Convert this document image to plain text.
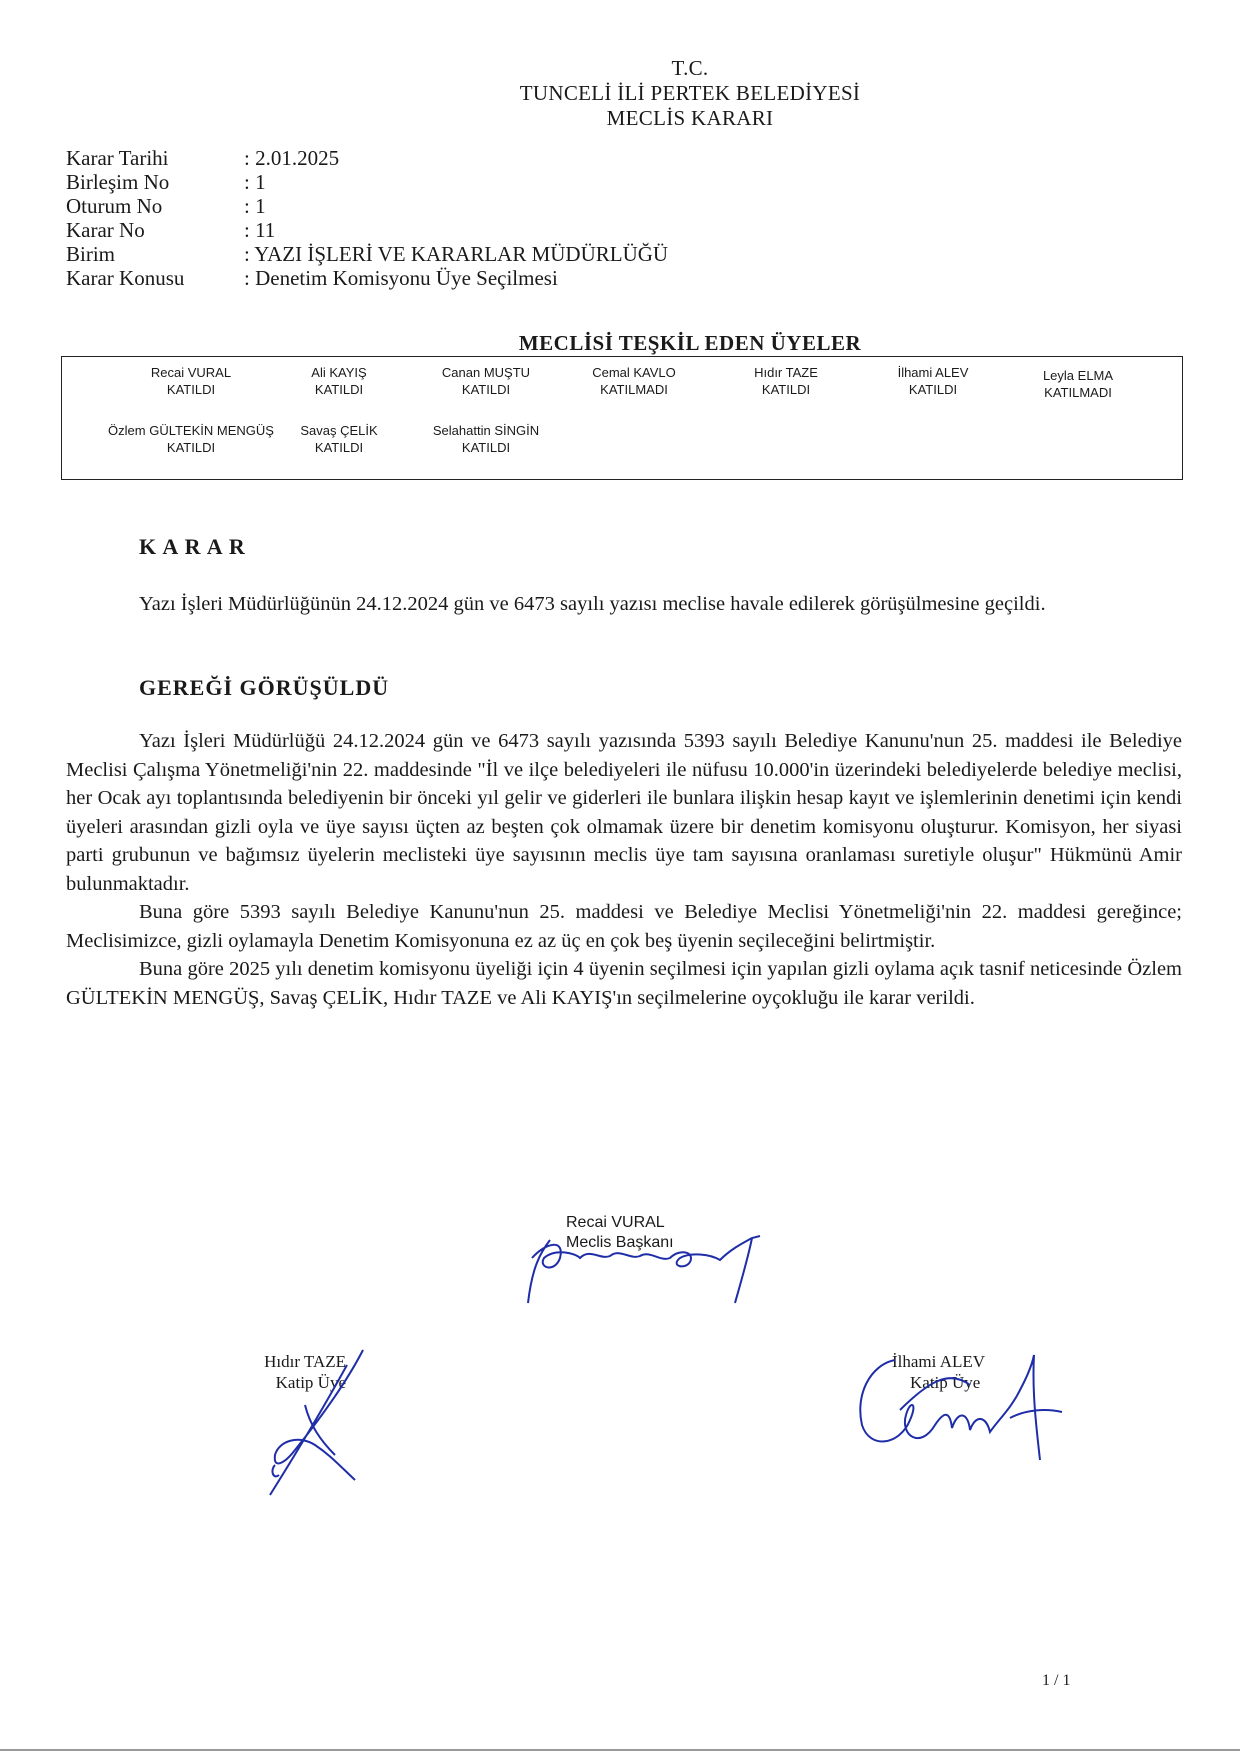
T.C.
TUNCELİ İLİ PERTEK BELEDİYESİ
MECLİS KARARI
Karar Tarihi	: 2.01.2025
Birleşim No	: 1
Oturum No	: 1
Karar No	: 11
Birim	: YAZI İŞLERİ VE KARARLAR MÜDÜRLÜĞÜ
Karar Konusu	: Denetim Komisyonu Üye Seçilmesi
MECLİSİ TEŞKİL EDEN ÜYELER
Recai VURAL
KATILDI
Ali KAYIŞ
KATILDI
Canan MUŞTU
KATILDI
Cemal KAVLO
KATILMADI
Hıdır TAZE
KATILDI
İlhami ALEV
KATILDI
Leyla ELMA
KATILMADI
Özlem GÜLTEKİN MENGÜŞ
KATILDI
Savaş ÇELİK
KATILDI
Selahattin SİNGİN
KATILDI
K A R A R

Yazı İşleri Müdürlüğünün 24.12.2024 gün ve 6473 sayılı yazısı meclise havale edilerek görüşülmesine geçildi.

GEREĞİ GÖRÜŞÜLDÜ

Yazı İşleri Müdürlüğü 24.12.2024 gün ve 6473 sayılı yazısında 5393 sayılı Belediye Kanunu'nun 25. maddesi ile Belediye Meclisi Çalışma Yönetmeliği'nin 22. maddesinde "İl ve ilçe belediyeleri ile nüfusu 10.000'in üzerindeki belediyelerde belediye meclisi, her Ocak ayı toplantısında belediyenin bir önceki yıl gelir ve giderleri ile bunlara ilişkin hesap kayıt ve işlemlerinin denetimi için kendi üyeleri arasından gizli oyla ve üye sayısı üçten az beşten çok olmamak üzere bir denetim komisyonu oluşturur. Komisyon, her siyasi parti grubunun ve bağımsız üyelerin meclisteki üye sayısının meclis üye tam sayısına oranlaması suretiyle oluşur" Hükmünü Amir bulunmaktadır.

Buna göre 5393 sayılı Belediye Kanunu'nun 25. maddesi ve Belediye Meclisi Yönetmeliği'nin 22. maddesi gereğince; Meclisimizce, gizli oylamayla Denetim Komisyonuna ez az üç en çok beş üyenin seçileceğini belirtmiştir.

Buna göre 2025 yılı denetim komisyonu üyeliği için 4 üyenin seçilmesi için yapılan gizli oylama açık tasnif neticesinde Özlem GÜLTEKİN MENGÜŞ, Savaş ÇELİK, Hıdır TAZE ve Ali KAYIŞ'ın seçilmelerine oyçokluğu ile karar verildi.

Recai VURAL
Meclis Başkanı
Hıdır TAZE
Katip Üye
İlhami ALEV
Katip Üye
1 / 1
